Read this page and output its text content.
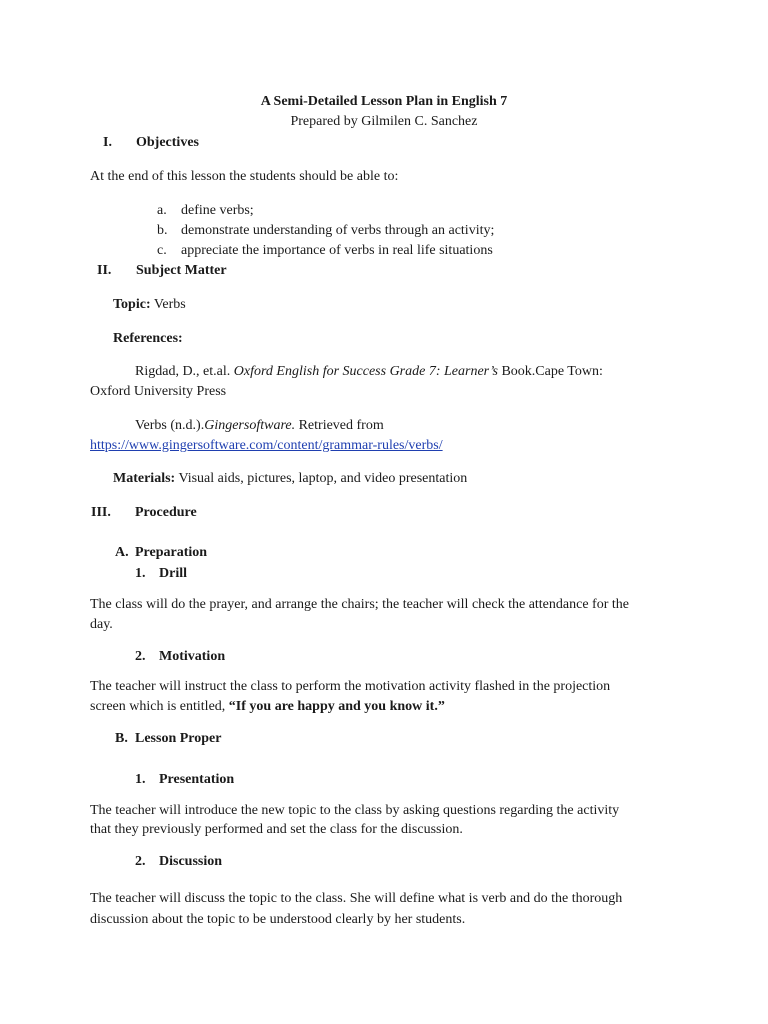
A Semi-Detailed Lesson Plan in English 7
Prepared by Gilmilen C. Sanchez
I. Objectives
At the end of this lesson the students should be able to:
a. define verbs;
b. demonstrate understanding of verbs through an activity;
c. appreciate the importance of verbs in real life situations
II. Subject Matter
Topic: Verbs
References:
Rigdad, D., et.al. Oxford English for Success Grade 7: Learner’s Book.Cape Town:
Oxford University Press
Verbs (n.d.).Gingersoftware. Retrieved from
https://www.gingersoftware.com/content/grammar-rules/verbs/
Materials: Visual aids, pictures, laptop, and video presentation
III. Procedure
A. Preparation
1. Drill
The class will do the prayer, and arrange the chairs; the teacher will check the attendance for the
day.
2. Motivation
The teacher will instruct the class to perform the motivation activity flashed in the projection
screen which is entitled, “If you are happy and you know it.”
B. Lesson Proper
1. Presentation
The teacher will introduce the new topic to the class by asking questions regarding the activity
that they previously performed and set the class for the discussion.
2. Discussion
The teacher will discuss the topic to the class. She will define what is verb and do the thorough
discussion about the topic to be understood clearly by her students.
